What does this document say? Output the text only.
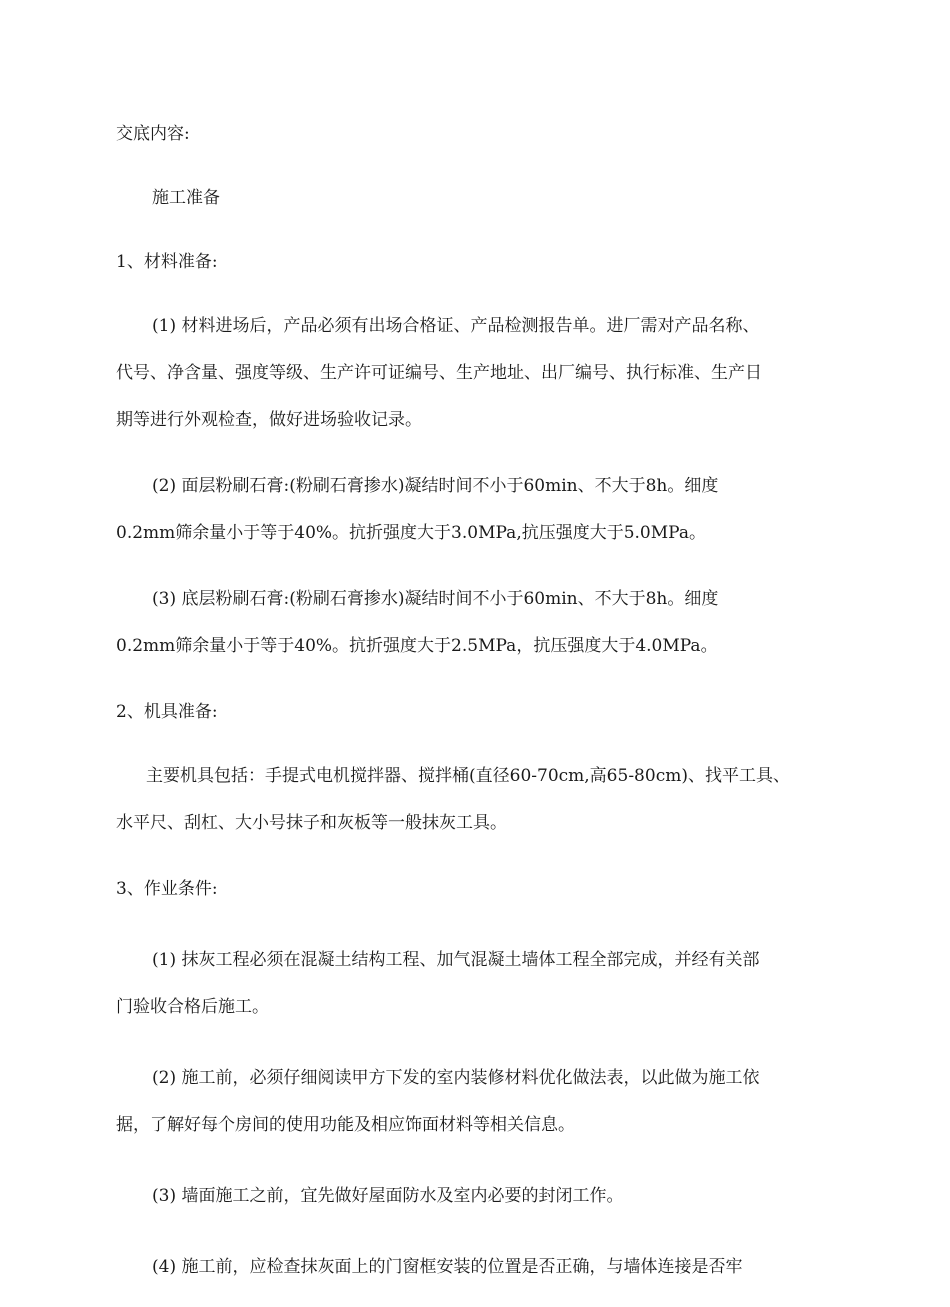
交底内容:
施工准备
1、材料准备:
(1) 材料进场后，产品必须有出场合格证、产品检测报告单。进厂需对产品名称、
代号、净含量、强度等级、生产许可证编号、生产地址、出厂编号、执行标准、生产日
期等进行外观检查，做好进场验收记录。
(2) 面层粉刷石膏:(粉刷石膏掺水)凝结时间不小于60min、不大于8h。细度
0.2mm筛余量小于等于40%。抗折强度大于3.0MPa,抗压强度大于5.0MPa。
(3) 底层粉刷石膏:(粉刷石膏掺水)凝结时间不小于60min、不大于8h。细度
0.2mm筛余量小于等于40%。抗折强度大于2.5MPa，抗压强度大于4.0MPa。
2、机具准备:
主要机具包括：手提式电机搅拌器、搅拌桶(直径60-70cm,高65-80cm)、找平工具、
水平尺、刮杠、大小号抹子和灰板等一般抹灰工具。
3、作业条件:
(1) 抹灰工程必须在混凝土结构工程、加气混凝土墙体工程全部完成，并经有关部
门验收合格后施工。
(2) 施工前，必须仔细阅读甲方下发的室内装修材料优化做法表，以此做为施工依
据，了解好每个房间的使用功能及相应饰面材料等相关信息。
(3) 墙面施工之前，宜先做好屋面防水及室内必要的封闭工作。
(4) 施工前，应检查抹灰面上的门窗框安装的位置是否正确，与墙体连接是否牢
